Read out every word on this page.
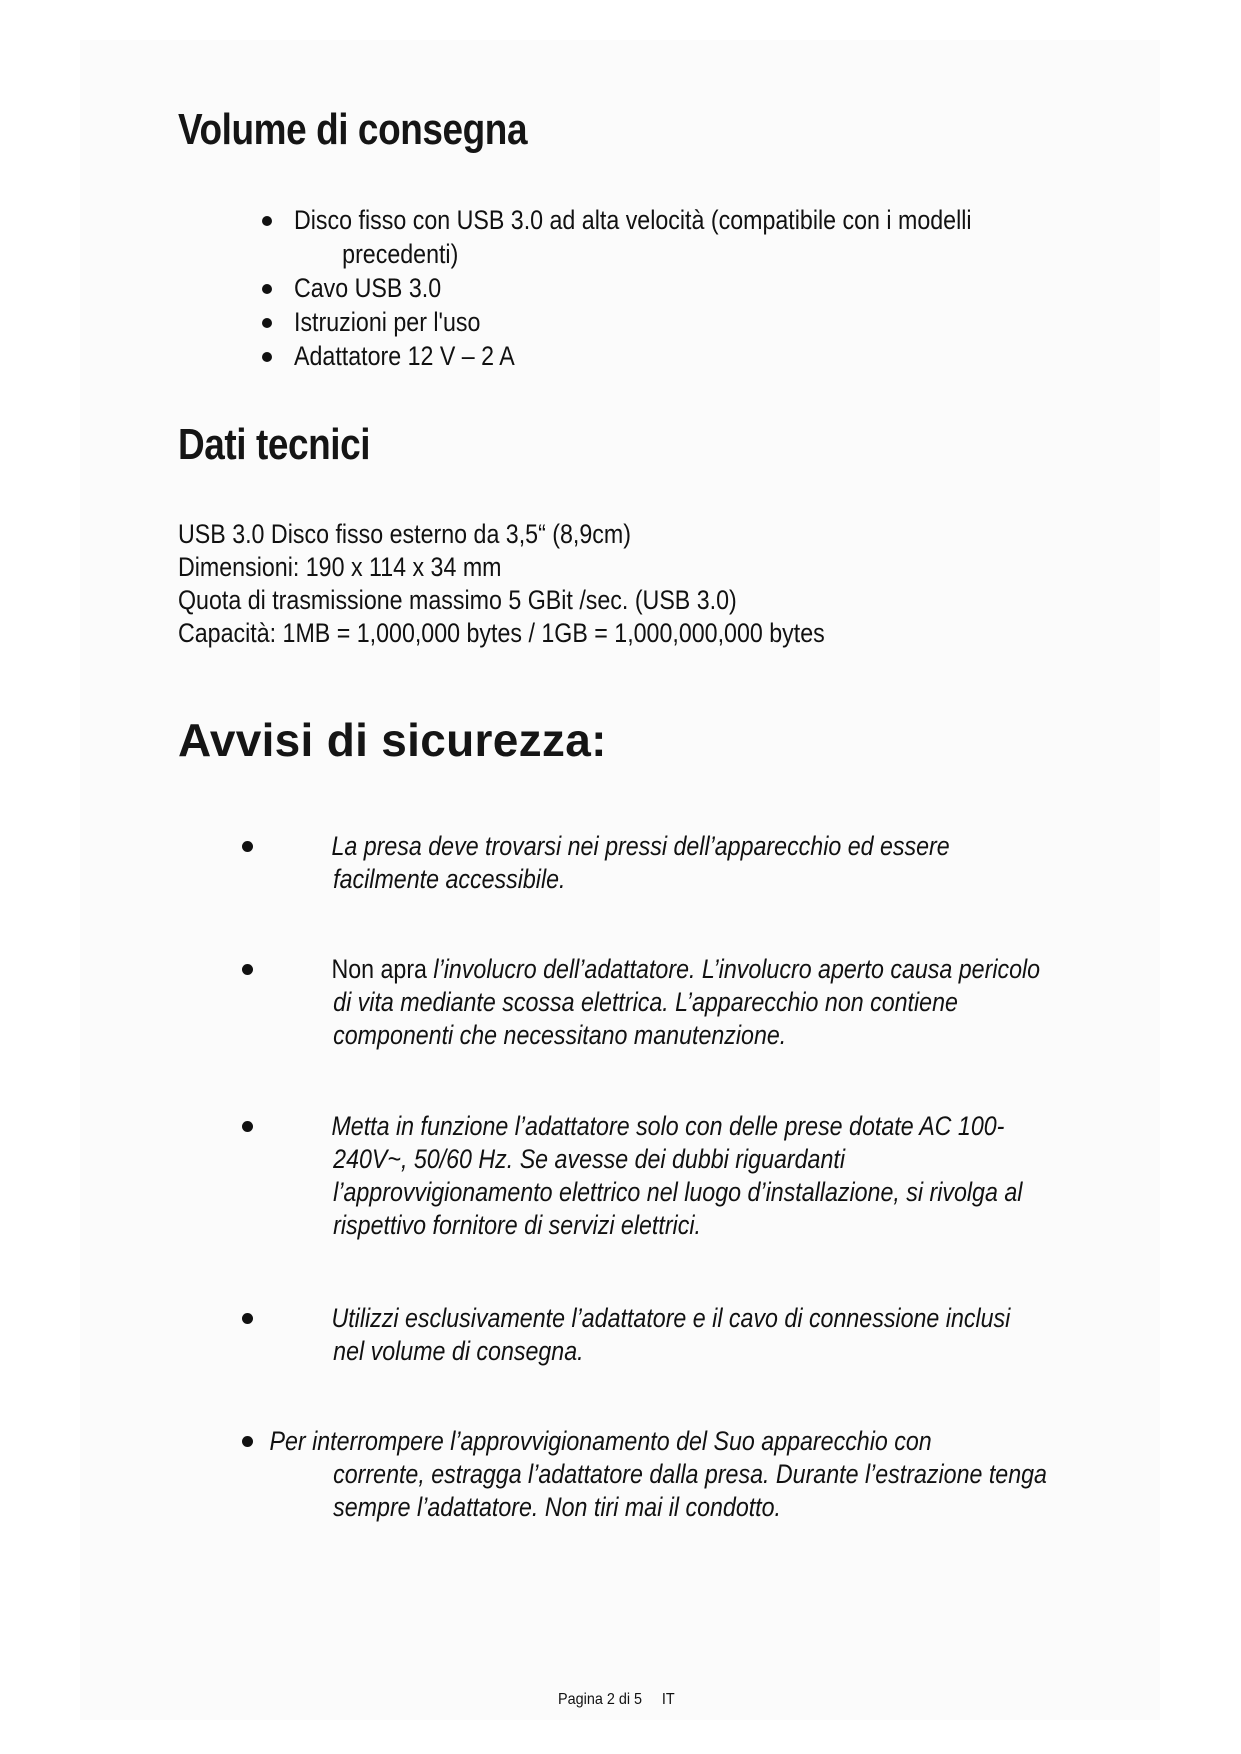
Volume di consegna
Disco fisso con USB 3.0 ad alta velocità (compatibile con i modelli
precedenti)
Cavo USB 3.0
Istruzioni per l'uso
Adattatore 12 V – 2 A
Dati tecnici
USB 3.0 Disco fisso esterno da 3,5“ (8,9cm)
Dimensioni: 190 x 114 x 34 mm
Quota di trasmissione massimo 5 GBit /sec. (USB 3.0)
Capacità: 1MB = 1,000,000 bytes / 1GB = 1,000,000,000 bytes
Avvisi di sicurezza:
La presa deve trovarsi nei pressi dell’apparecchio ed essere
facilmente accessibile.
Non apra l’involucro dell’adattatore. L’involucro aperto causa pericolo
di vita mediante scossa elettrica. L’apparecchio non contiene
componenti che necessitano manutenzione.
Metta in funzione l’adattatore solo con delle prese dotate AC 100-
240V~, 50/60 Hz. Se avesse dei dubbi riguardanti
l’approvvigionamento elettrico nel luogo d’installazione, si rivolga al
rispettivo fornitore di servizi elettrici.
Utilizzi esclusivamente l’adattatore e il cavo di connessione inclusi
nel volume di consegna.
Per interrompere l’approvvigionamento del Suo apparecchio con
corrente, estragga l’adattatore dalla presa. Durante l’estrazione tenga
sempre l’adattatore. Non tiri mai il condotto.
Pagina 2 di 5 IT
